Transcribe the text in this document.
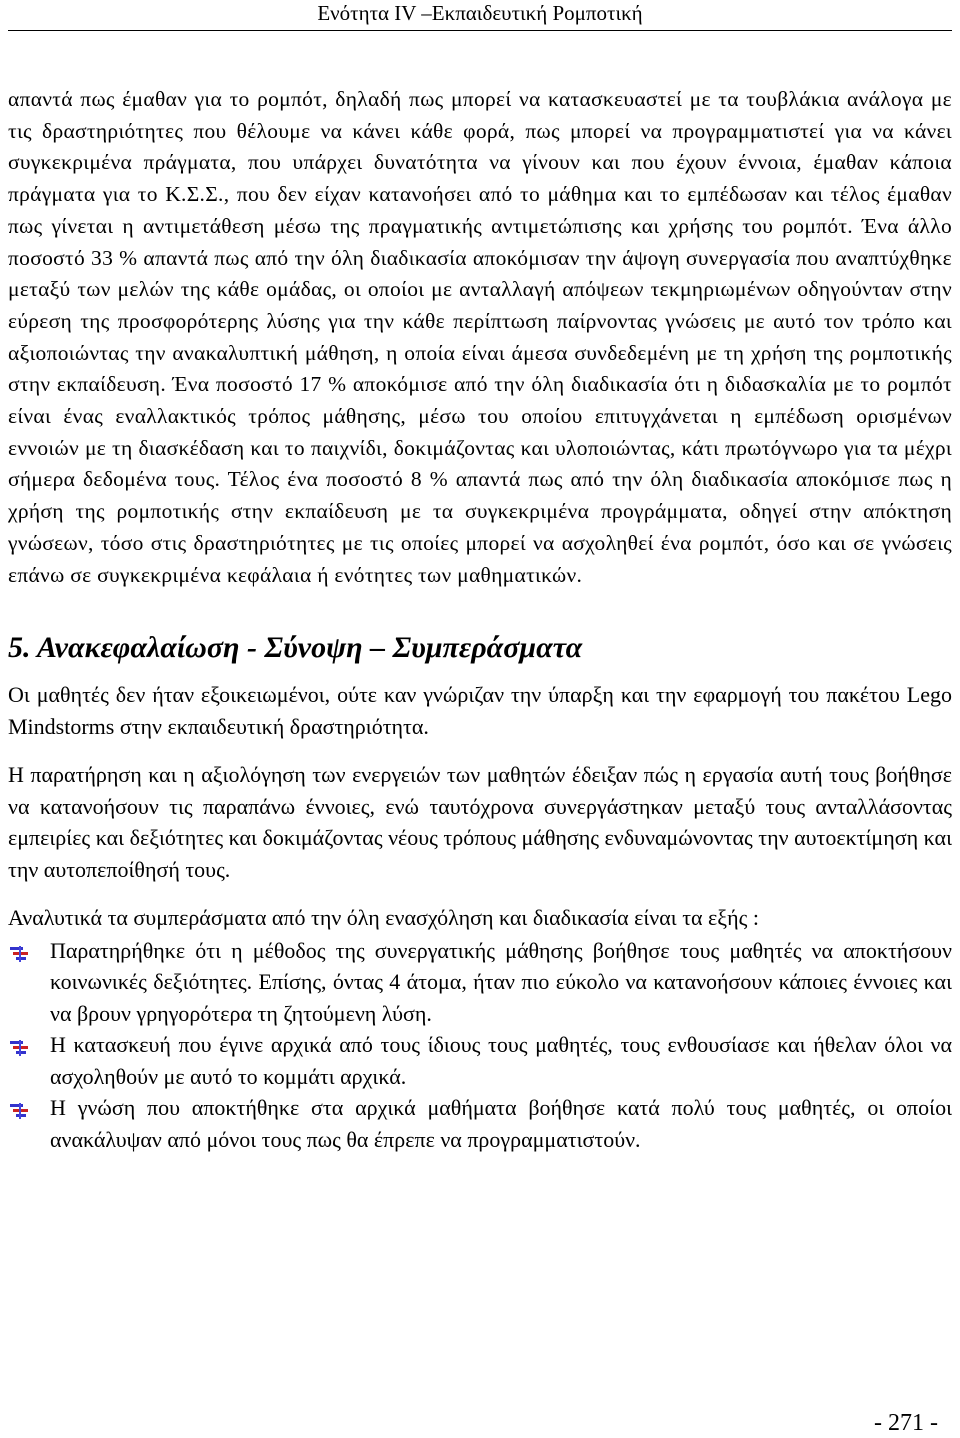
Ενότητα IV –Εκπαιδευτική Ρομποτική

απαντά πως έμαθαν για το ρομπότ, δηλαδή πως μπορεί να κατασκευαστεί με τα τουβλάκια ανάλογα με τις δραστηριότητες που θέλουμε να κάνει κάθε φορά, πως μπορεί να προγραμματιστεί για να κάνει συγκεκριμένα πράγματα, που υπάρχει δυνατότητα να γίνουν και που έχουν έννοια, έμαθαν κάποια πράγματα για το Κ.Σ.Σ., που δεν είχαν κατανοήσει από το μάθημα και το εμπέδωσαν και τέλος έμαθαν πως γίνεται η αντιμετάθεση μέσω της πραγματικής αντιμετώπισης και χρήσης του ρομπότ. Ένα άλλο ποσοστό 33 % απαντά πως από την όλη διαδικασία αποκόμισαν την άψογη συνεργασία που αναπτύχθηκε μεταξύ των μελών της κάθε ομάδας, οι οποίοι με ανταλλαγή απόψεων τεκμηριωμένων οδηγούνταν στην εύρεση της προσφορότερης λύσης για την κάθε περίπτωση παίρνοντας γνώσεις με αυτό τον τρόπο και αξιοποιώντας την ανακαλυπτική μάθηση, η οποία είναι άμεσα συνδεδεμένη με τη χρήση της ρομποτικής στην εκπαίδευση. Ένα ποσοστό 17 % αποκόμισε από την όλη διαδικασία ότι η διδασκαλία με το ρομπότ είναι ένας εναλλακτικός τρόπος μάθησης, μέσω του οποίου επιτυγχάνεται η εμπέδωση ορισμένων εννοιών με τη διασκέδαση και το παιχνίδι, δοκιμάζοντας και υλοποιώντας, κάτι πρωτόγνωρο για τα μέχρι σήμερα δεδομένα τους. Τέλος ένα ποσοστό 8 % απαντά πως από την όλη διαδικασία αποκόμισε πως η χρήση της ρομποτικής στην εκπαίδευση με τα συγκεκριμένα προγράμματα, οδηγεί στην απόκτηση γνώσεων, τόσο στις δραστηριότητες με τις οποίες μπορεί να ασχοληθεί ένα ρομπότ, όσο και σε γνώσεις επάνω σε συγκεκριμένα κεφάλαια ή ενότητες των μαθηματικών.

5. Ανακεφαλαίωση - Σύνοψη – Συμπεράσματα

Οι μαθητές δεν ήταν εξοικειωμένοι, ούτε καν γνώριζαν την ύπαρξη και την εφαρμογή του πακέτου Lego Mindstorms στην εκπαιδευτική δραστηριότητα.

Η παρατήρηση και η αξιολόγηση των ενεργειών των μαθητών έδειξαν πώς η εργασία αυτή τους βοήθησε να κατανοήσουν τις παραπάνω έννοιες, ενώ ταυτόχρονα συνεργάστηκαν μεταξύ τους ανταλλάσοντας εμπειρίες και δεξιότητες και δοκιμάζοντας νέους τρόπους μάθησης ενδυναμώνοντας την αυτοεκτίμηση και την αυτοπεποίθησή τους.

Αναλυτικά τα συμπεράσματα από την όλη ενασχόληση και διαδικασία είναι τα εξής :

Παρατηρήθηκε ότι η μέθοδος της συνεργατικής μάθησης βοήθησε τους μαθητές να αποκτήσουν κοινωνικές δεξιότητες. Επίσης, όντας 4 άτομα, ήταν πιο εύκολο να κατανοήσουν κάποιες έννοιες και να βρουν γρηγορότερα τη ζητούμενη λύση.
Η κατασκευή που έγινε αρχικά από τους ίδιους τους μαθητές, τους ενθουσίασε και ήθελαν όλοι να ασχοληθούν με αυτό το κομμάτι αρχικά.
Η γνώση που αποκτήθηκε στα αρχικά μαθήματα βοήθησε κατά πολύ τους μαθητές, οι οποίοι ανακάλυψαν από μόνοι τους πως θα έπρεπε να προγραμματιστούν.
- 271 -
